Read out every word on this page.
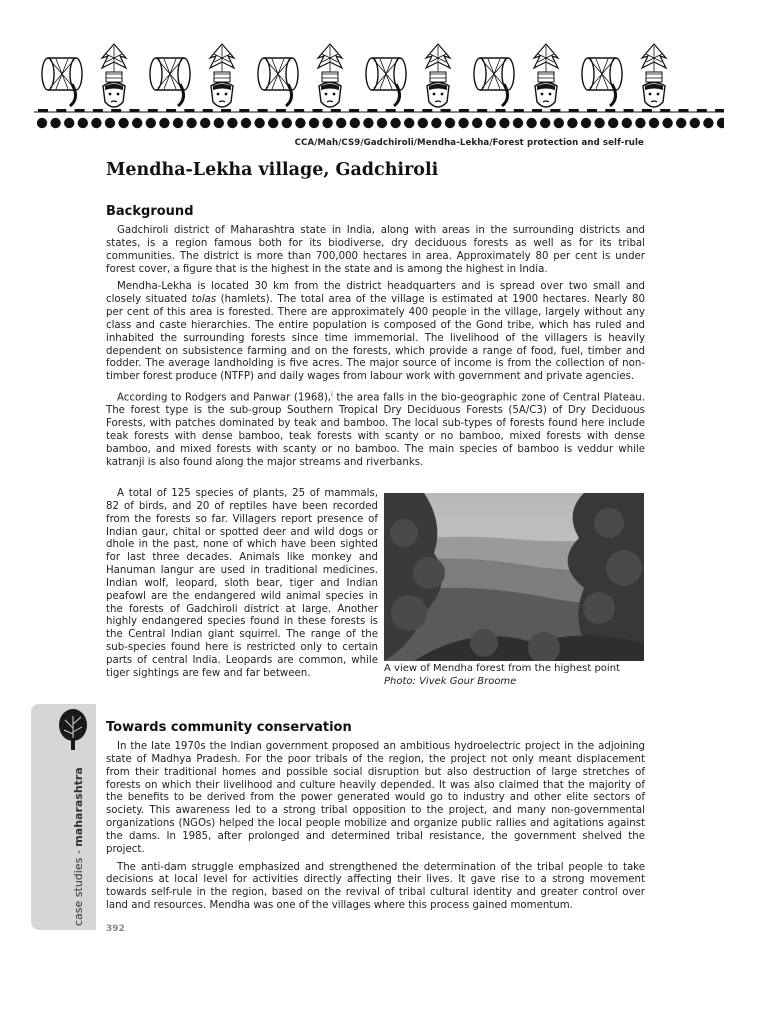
CCA/Mah/CS9/Gadchiroli/Mendha-Lekha/Forest protection and self-rule
Mendha-Lekha village, Gadchiroli
Background

Gadchiroli district of Maharashtra state in India, along with areas in the surrounding districts and states, is a region famous both for its biodiverse, dry deciduous forests as well as for its tribal communities. The district is more than 700,000 hectares in area. Approximately 80 per cent is under forest cover, a figure that is the highest in the state and is among the highest in India.

Mendha-Lekha is located 30 km from the district headquarters and is spread over two small and closely situated tolas (hamlets). The total area of the village is estimated at 1900 hectares. Nearly 80 per cent of this area is forested. There are approximately 400 people in the village, largely without any class and caste hierarchies. The entire population is composed of the Gond tribe, which has ruled and inhabited the surrounding forests since time immemorial. The livelihood of the villagers is heavily dependent on subsistence farming and on the forests, which provide a range of food, fuel, timber and fodder. The average landholding is five acres. The major source of income is from the collection of non-timber forest produce (NTFP) and daily wages from labour work with government and private agencies.

According to Rodgers and Panwar (1968),$^i$ the area falls in the bio-geographic zone of Central Plateau. The forest type is the sub-group Southern Tropical Dry Deciduous Forests (5A/C3) of Dry Deciduous Forests, with patches dominated by teak and bamboo. The local sub-types of forests found here include teak forests with dense bamboo, teak forests with scanty or no bamboo, mixed forests with dense bamboo, and mixed forests with scanty or no bamboo. The main species of bamboo is veddur while katranji is also found along the major streams and riverbanks.

A total of 125 species of plants, 25 of mammals, 82 of birds, and 20 of reptiles have been recorded from the forests so far. Villagers report presence of Indian gaur, chital or spotted deer and wild dogs or dhole in the past, none of which have been sighted for last three decades. Animals like monkey and Hanuman langur are used in traditional medicines. Indian wolf, leopard, sloth bear, tiger and Indian peafowl are the endangered wild animal species in the forests of Gadchiroli district at large. Another highly endangered species found in these forests is the Central Indian giant squirrel. The range of the sub-species found here is restricted only to certain parts of central India. Leopards are common, while tiger sightings are few and far between.	A view of Mendha forest from the highest point
Photo: Vivek Gour Broome
Towards community conservation

In the late 1970s the Indian government proposed an ambitious hydroelectric project in the adjoining state of Madhya Pradesh. For the poor tribals of the region, the project not only meant displacement from their traditional homes and possible social disruption but also destruction of large stretches of forests on which their livelihood and culture heavily depended. It was also claimed that the majority of the benefits to be derived from the power generated would go to industry and other elite sectors of society. This awareness led to a strong tribal opposition to the project, and many non-governmental organizations (NGOs) helped the local people mobilize and organize public rallies and agitations against the dams. In 1985, after prolonged and determined tribal resistance, the government shelved the project.

The anti-dam struggle emphasized and strengthened the determination of the tribal people to take decisions at local level for activities directly affecting their lives. It gave rise to a strong movement towards self-rule in the region, based on the revival of tribal cultural identity and greater control over land and resources. Mendha was one of the villages where this process gained momentum.

case studies - maharashtra
392
